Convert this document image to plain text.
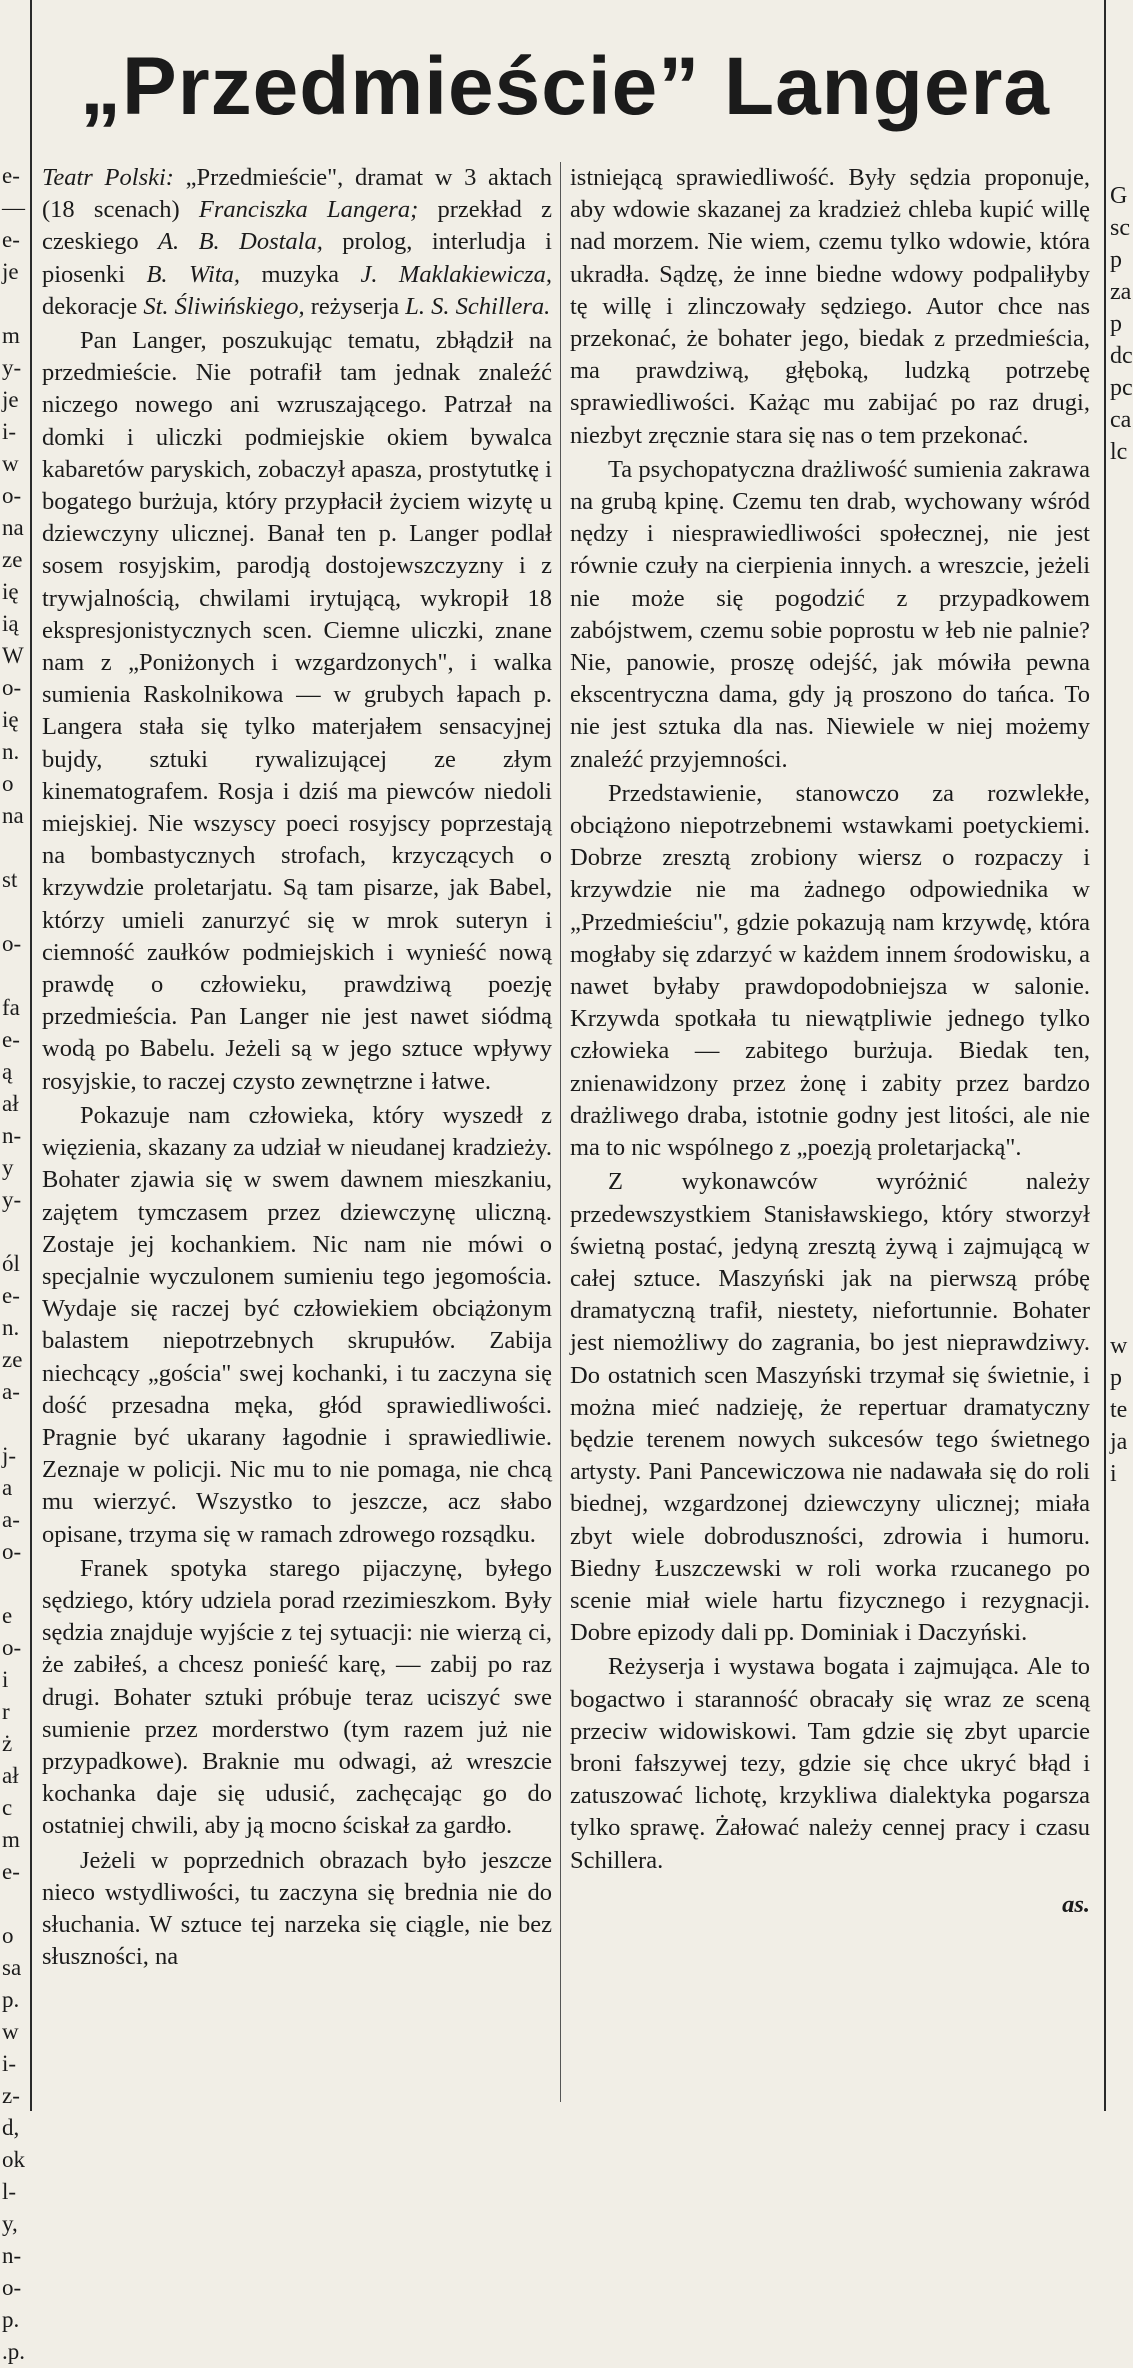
e-
—
e-
je
m
y-
je
i-
w
o-
na
ze
ię
ią
W
o-
ię
n.
o
na
st
o-
fa
e-
ą
ał
n-
y
y-
ól
e-
n.
ze
a-
j-
a
a-
o-
e
o-
i
r
ż
ał
c
m
e-
o
sa
p.
w
i-
z-
d,
ok
l-
y,
n-
o-
p.
.p.
G
sc
p
za
p
dc
pc
ca
lc
w
p
te
ja
i
„Przedmieście” Langera

Teatr Polski: „Przedmieście", dramat w 3 aktach (18 scenach) Franciszka Langera; przekład z czeskiego A. B. Dostala, prolog, interludja i piosenki B. Wita, muzyka J. Maklakiewicza, dekoracje St. Śliwińskiego, reżyserja L. S. Schillera.

Pan Langer, poszukując tematu, zbłądził na przedmieście. Nie potrafił tam jednak znaleźć niczego nowego ani wzruszającego. Patrzał na domki i uliczki podmiejskie okiem bywalca kabaretów paryskich, zobaczył apasza, prostytutkę i bogatego burżuja, który przypłacił życiem wizytę u dziewczyny ulicznej. Banał ten p. Langer podlał sosem rosyjskim, parodją dostojewszczyzny i z trywjalnością, chwilami irytującą, wykropił 18 ekspresjonistycznych scen. Ciemne uliczki, znane nam z „Poniżonych i wzgardzonych", i walka sumienia Raskolnikowa — w grubych łapach p. Langera stała się tylko materjałem sensacyjnej bujdy, sztuki rywalizującej ze złym kinematografem. Rosja i dziś ma piewców niedoli miejskiej. Nie wszyscy poeci rosyjscy poprzestają na bombastycznych strofach, krzyczących o krzywdzie proletarjatu. Są tam pisarze, jak Babel, którzy umieli zanurzyć się w mrok suteryn i ciemność zaułków podmiejskich i wynieść nową prawdę o człowieku, prawdziwą poezję przedmieścia. Pan Langer nie jest nawet siódmą wodą po Babelu. Jeżeli są w jego sztuce wpływy rosyjskie, to raczej czysto zewnętrzne i łatwe.

Pokazuje nam człowieka, który wyszedł z więzienia, skazany za udział w nieudanej kradzieży. Bohater zjawia się w swem dawnem mieszkaniu, zajętem tymczasem przez dziewczynę uliczną. Zostaje jej kochankiem. Nic nam nie mówi o specjalnie wyczulonem sumieniu tego jegomościa. Wydaje się raczej być człowiekiem obciążonym balastem niepotrzebnych skrupułów. Zabija niechcący „gościa" swej kochanki, i tu zaczyna się dość przesadna męka, głód sprawiedliwości. Pragnie być ukarany łagodnie i sprawiedliwie. Zeznaje w policji. Nic mu to nie pomaga, nie chcą mu wierzyć. Wszystko to jeszcze, acz słabo opisane, trzyma się w ramach zdrowego rozsądku.

Franek spotyka starego pijaczynę, byłego sędziego, który udziela porad rzezimieszkom. Były sędzia znajduje wyjście z tej sytuacji: nie wierzą ci, że zabiłeś, a chcesz ponieść karę, — zabij po raz drugi. Bohater sztuki próbuje teraz uciszyć swe sumienie przez morderstwo (tym razem już nie przypadkowe). Braknie mu odwagi, aż wreszcie kochanka daje się udusić, zachęcając go do ostatniej chwili, aby ją mocno ściskał za gardło.

Jeżeli w poprzednich obrazach było jeszcze nieco wstydliwości, tu zaczyna się brednia nie do słuchania. W sztuce tej narzeka się ciągle, nie bez słuszności, na

istniejącą sprawiedliwość. Były sędzia proponuje, aby wdowie skazanej za kradzież chleba kupić willę nad morzem. Nie wiem, czemu tylko wdowie, która ukradła. Sądzę, że inne biedne wdowy podpaliłyby tę willę i zlinczowały sędziego. Autor chce nas przekonać, że bohater jego, biedak z przedmieścia, ma prawdziwą, głęboką, ludzką potrzebę sprawiedliwości. Każąc mu zabijać po raz drugi, niezbyt zręcznie stara się nas o tem przekonać.

Ta psychopatyczna drażliwość sumienia zakrawa na grubą kpinę. Czemu ten drab, wychowany wśród nędzy i niesprawiedliwości społecznej, nie jest równie czuły na cierpienia innych. a wreszcie, jeżeli nie może się pogodzić z przypadkowem zabójstwem, czemu sobie poprostu w łeb nie palnie? Nie, panowie, proszę odejść, jak mówiła pewna ekscentryczna dama, gdy ją proszono do tańca. To nie jest sztuka dla nas. Niewiele w niej możemy znaleźć przyjemności.

Przedstawienie, stanowczo za rozwlekłe, obciążono niepotrzebnemi wstawkami poetyckiemi. Dobrze zresztą zrobiony wiersz o rozpaczy i krzywdzie nie ma żadnego odpowiednika w „Przedmieściu", gdzie pokazują nam krzywdę, która mogłaby się zdarzyć w każdem innem środowisku, a nawet byłaby prawdopodobniejsza w salonie. Krzywda spotkała tu niewątpliwie jednego tylko człowieka — zabitego burżuja. Biedak ten, znienawidzony przez żonę i zabity przez bardzo drażliwego draba, istotnie godny jest litości, ale nie ma to nic wspólnego z „poezją proletarjacką".

Z wykonawców wyróżnić należy przedewszystkiem Stanisławskiego, który stworzył świetną postać, jedyną zresztą żywą i zajmującą w całej sztuce. Maszyński jak na pierwszą próbę dramatyczną trafił, niestety, niefortunnie. Bohater jest niemożliwy do zagrania, bo jest nieprawdziwy. Do ostatnich scen Maszyński trzymał się świetnie, i można mieć nadzieję, że repertuar dramatyczny będzie terenem nowych sukcesów tego świetnego artysty. Pani Pancewiczowa nie nadawała się do roli biednej, wzgardzonej dziewczyny ulicznej; miała zbyt wiele dobroduszności, zdrowia i humoru. Biedny Łuszczewski w roli worka rzucanego po scenie miał wiele hartu fizycznego i rezygnacji. Dobre epizody dali pp. Dominiak i Daczyński.

Reżyserja i wystawa bogata i zajmująca. Ale to bogactwo i staranność obracały się wraz ze sceną przeciw widowiskowi. Tam gdzie się zbyt uparcie broni fałszywej tezy, gdzie się chce ukryć błąd i zatuszować lichotę, krzykliwa dialektyka pogarsza tylko sprawę. Żałować należy cennej pracy i czasu Schillera.

as.
